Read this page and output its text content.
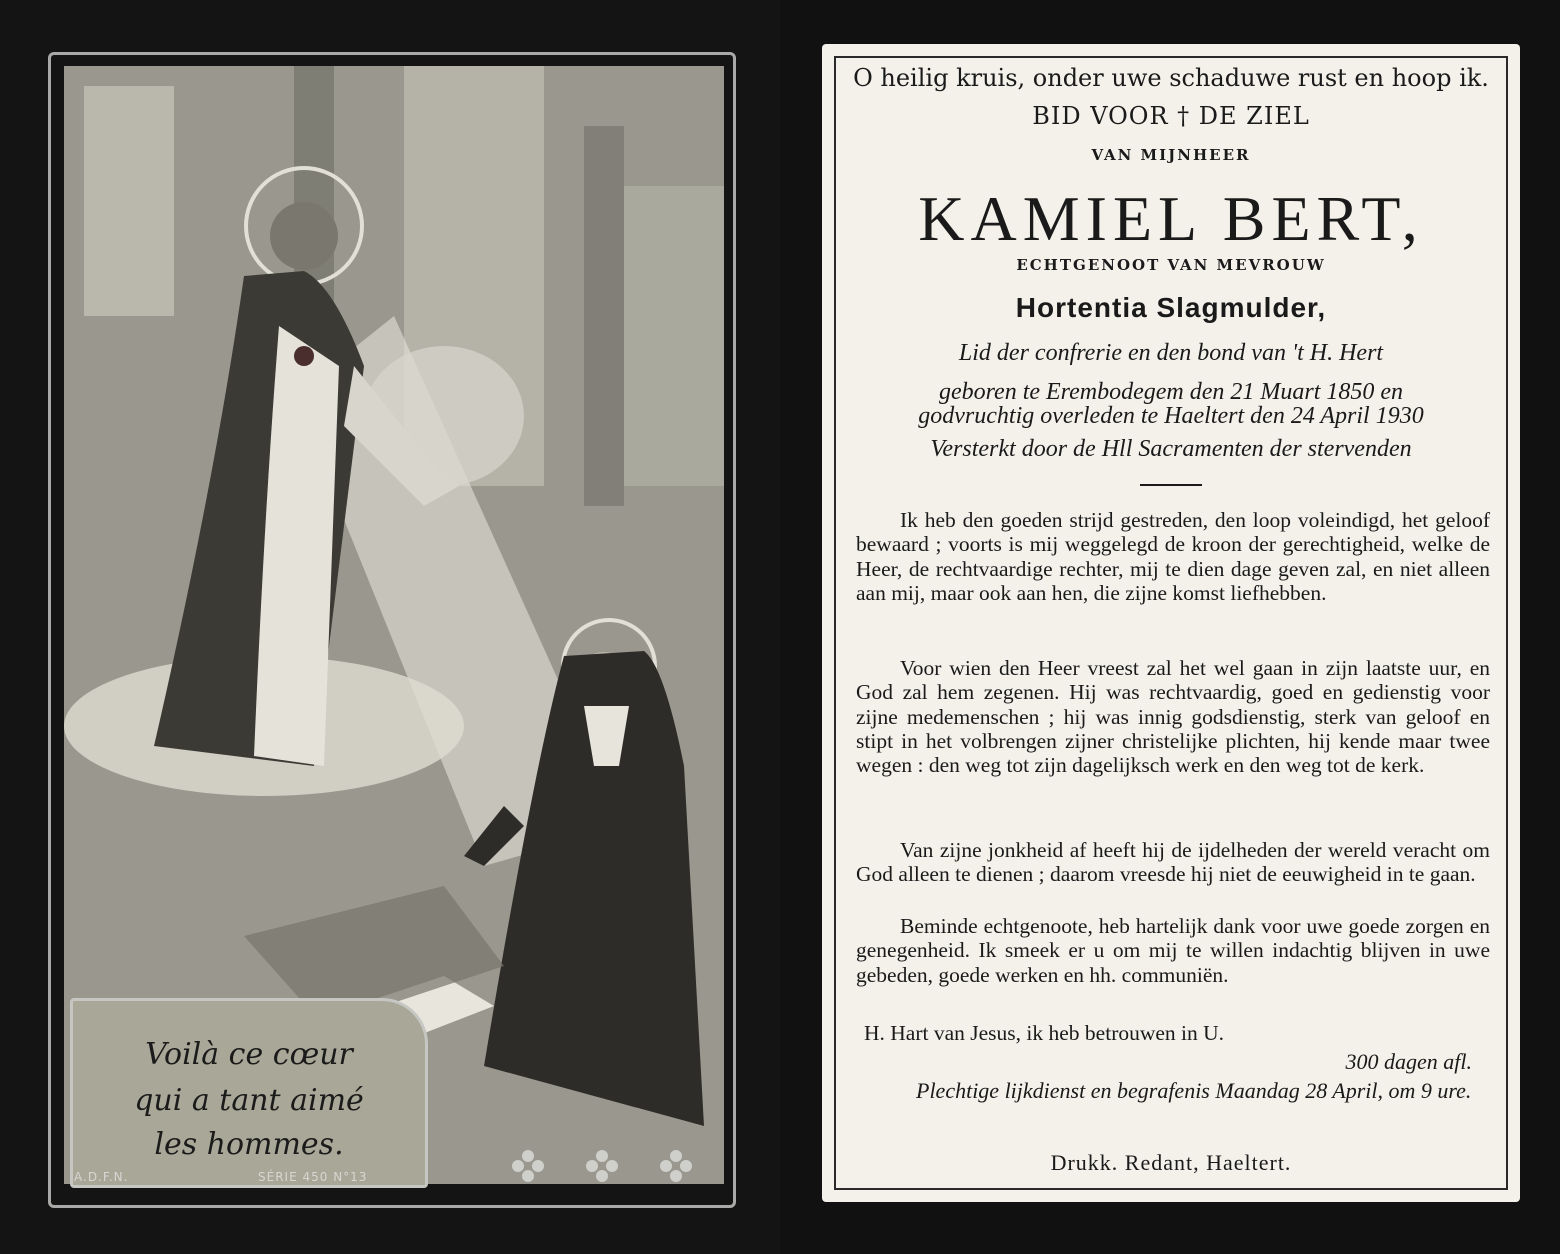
Voilà ce cœur
qui a tant aimé
les hommes.
A.D.F.N.	SÉRIE 450 N°13
O heilig kruis, onder uwe schaduwe rust en hoop ik.
BID VOOR † DE ZIEL
VAN MIJNHEER
KAMIEL BERT,
ECHTGENOOT VAN MEVROUW
Hortentia Slagmulder,
Lid der confrerie en den bond van 't H. Hert
geboren te Erembodegem den 21 Muart 1850 en
godvruchtig overleden te Haeltert den 24 April 1930
Versterkt door de Hll Sacramenten der stervenden
Ik heb den goeden strijd gestreden, den loop voleindigd, het geloof bewaard ; voorts is mij weggelegd de kroon der gerechtigheid, welke de Heer, de rechtvaardige rechter, mij te dien dage geven zal, en niet alleen aan mij, maar ook aan hen, die zijne komst liefhebben.
Voor wien den Heer vreest zal het wel gaan in zijn laatste uur, en God zal hem zegenen. Hij was rechtvaardig, goed en gedienstig voor zijne medemenschen ; hij was innig godsdienstig, sterk van geloof en stipt in het volbrengen zijner christelijke plichten, hij kende maar twee wegen : den weg tot zijn dagelijksch werk en den weg tot de kerk.
Van zijne jonkheid af heeft hij de ijdelheden der wereld veracht om God alleen te dienen ; daarom vreesde hij niet de eeuwigheid in te gaan.
Beminde echtgenoote, heb hartelijk dank voor uwe goede zorgen en genegenheid. Ik smeek er u om mij te willen indachtig blijven in uwe gebeden, goede werken en hh. communiën.
H. Hart van Jesus, ik heb betrouwen in U.
300 dagen afl.
Plechtige lijkdienst en begrafenis Maandag 28 April, om 9 ure.
Drukk. Redant, Haeltert.
